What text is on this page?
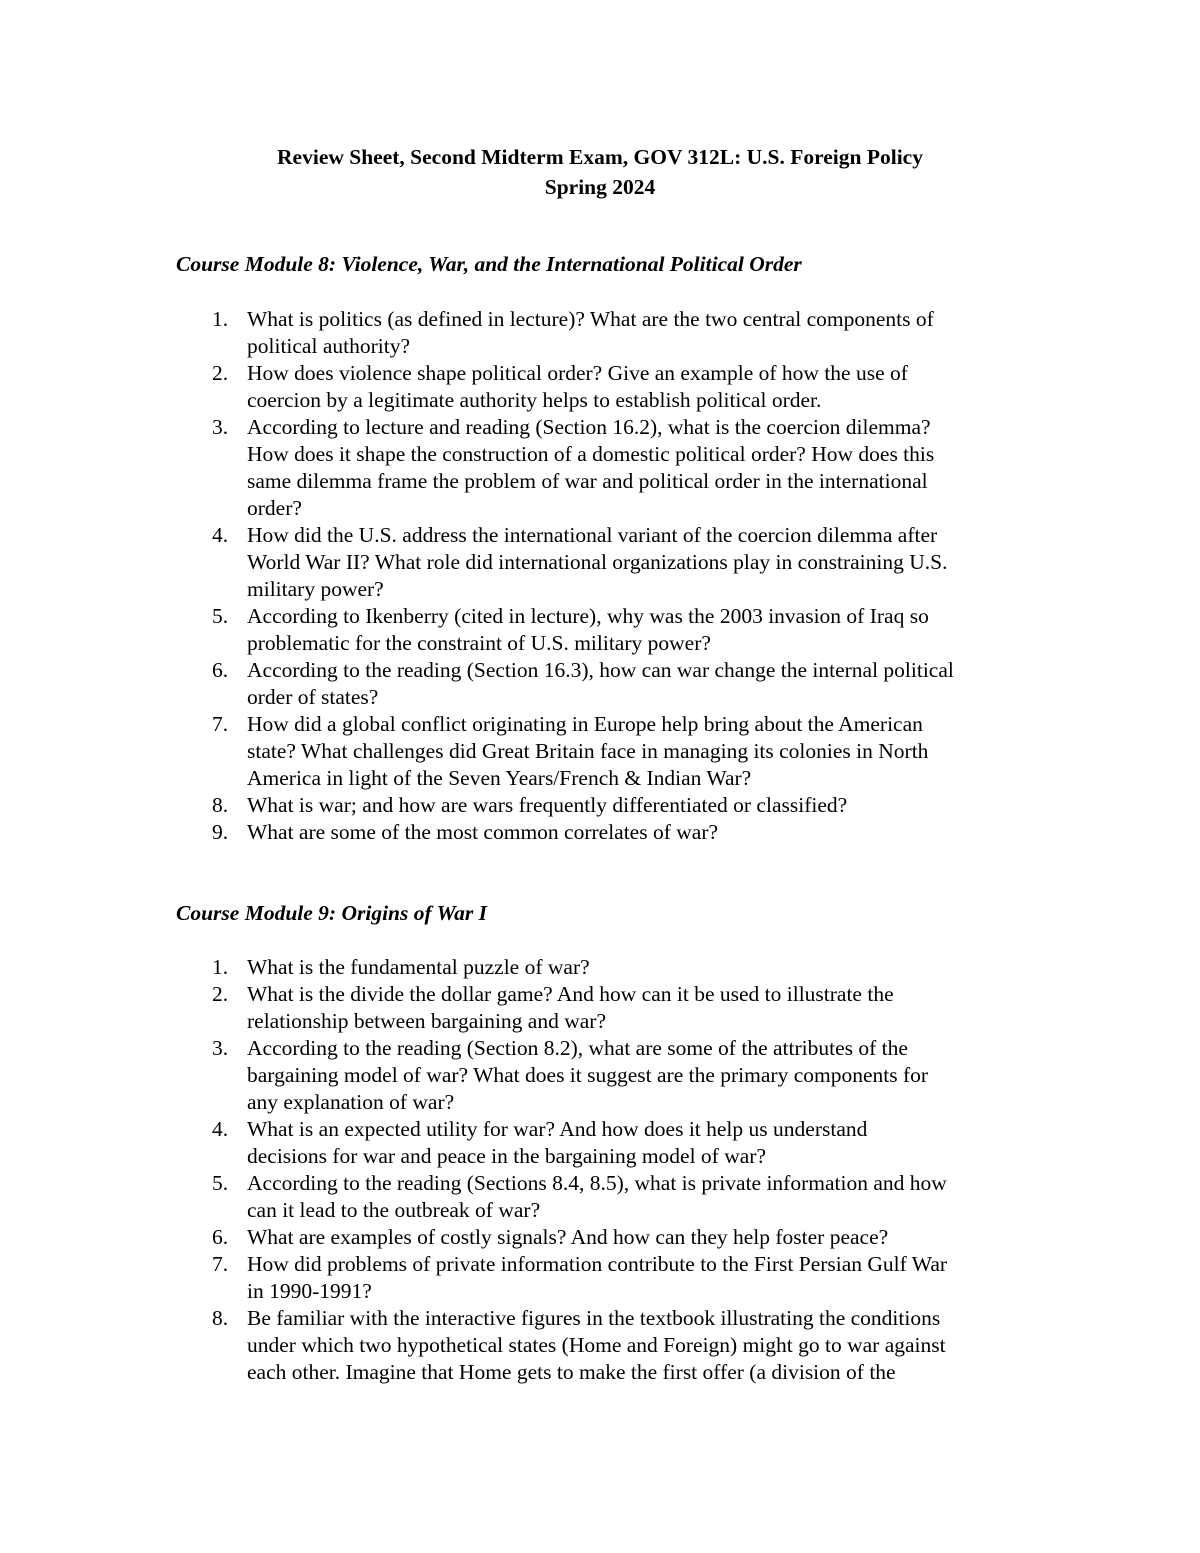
Review Sheet, Second Midterm Exam, GOV 312L: U.S. Foreign Policy
Spring 2024
Course Module 8: Violence, War, and the International Political Order
1. What is politics (as defined in lecture)? What are the two central components of
political authority?
2. How does violence shape political order? Give an example of how the use of
coercion by a legitimate authority helps to establish political order.
3. According to lecture and reading (Section 16.2), what is the coercion dilemma?
How does it shape the construction of a domestic political order? How does this
same dilemma frame the problem of war and political order in the international
order?
4. How did the U.S. address the international variant of the coercion dilemma after
World War II? What role did international organizations play in constraining U.S.
military power?
5. According to Ikenberry (cited in lecture), why was the 2003 invasion of Iraq so
problematic for the constraint of U.S. military power?
6. According to the reading (Section 16.3), how can war change the internal political
order of states?
7. How did a global conflict originating in Europe help bring about the American
state? What challenges did Great Britain face in managing its colonies in North
America in light of the Seven Years/French & Indian War?
8. What is war; and how are wars frequently differentiated or classified?
9. What are some of the most common correlates of war?
Course Module 9: Origins of War I
1. What is the fundamental puzzle of war?
2. What is the divide the dollar game? And how can it be used to illustrate the
relationship between bargaining and war?
3. According to the reading (Section 8.2), what are some of the attributes of the
bargaining model of war? What does it suggest are the primary components for
any explanation of war?
4. What is an expected utility for war? And how does it help us understand
decisions for war and peace in the bargaining model of war?
5. According to the reading (Sections 8.4, 8.5), what is private information and how
can it lead to the outbreak of war?
6. What are examples of costly signals? And how can they help foster peace?
7. How did problems of private information contribute to the First Persian Gulf War
in 1990-1991?
8. Be familiar with the interactive figures in the textbook illustrating the conditions
under which two hypothetical states (Home and Foreign) might go to war against
each other. Imagine that Home gets to make the first offer (a division of the
